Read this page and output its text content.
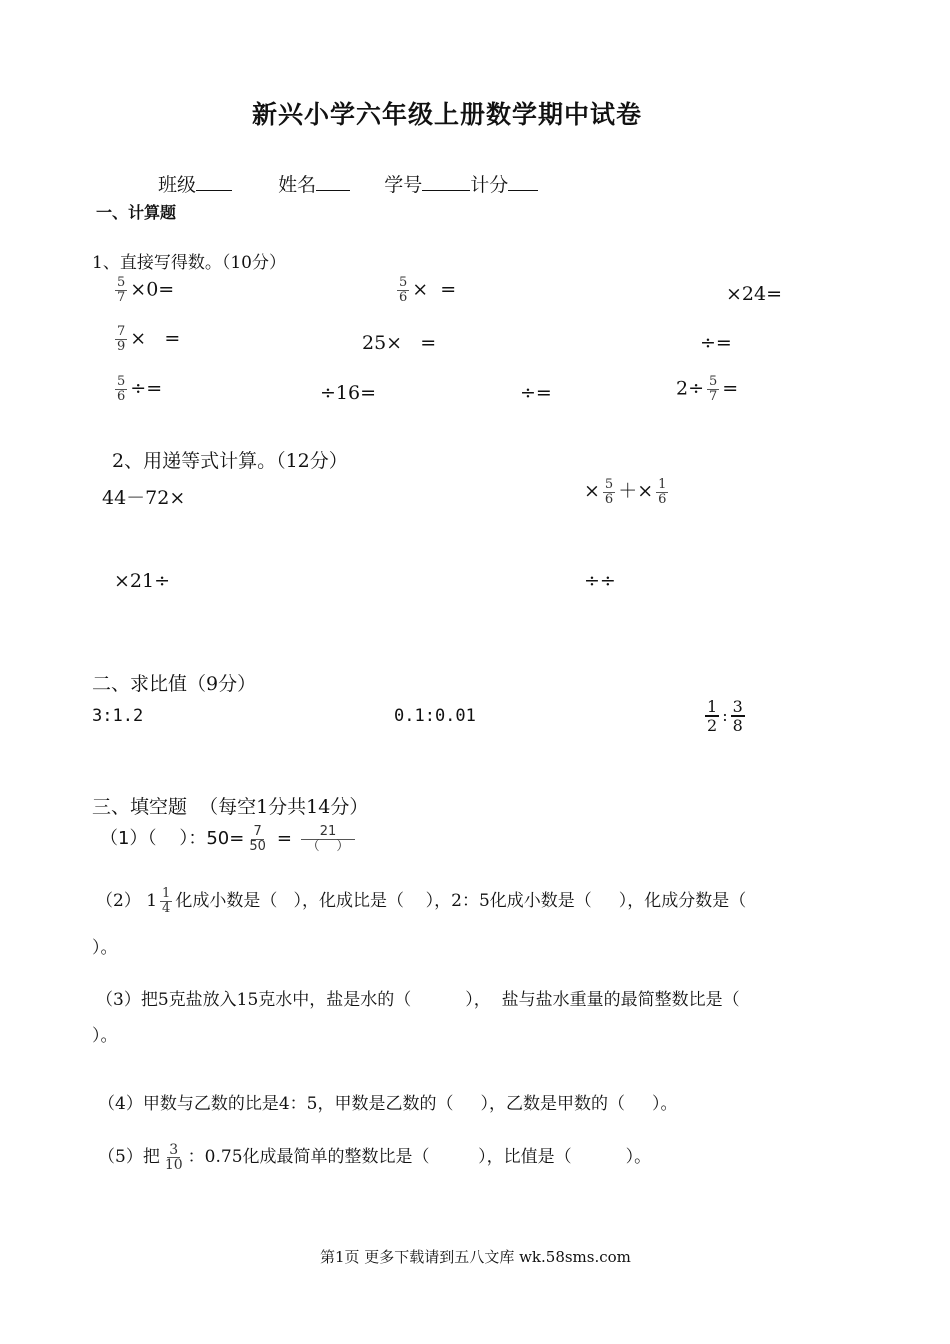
新兴小学六年级上册数学期中试卷
班级	姓名	学号	计分
一、计算题
1、直接写得数。（10分）
$\frac{5}{7} \times 0=$	$\frac{5}{6}$ ×  =	×24=
$\frac{7}{9}$ ×   =	25×   =	÷=
$\frac{5}{6}$ ÷=	÷16=	÷=	$2\div \frac{5}{7}$ =
2、用递等式计算。（12分）
44－72×	× $\frac{5}{6} +\times \frac{1}{6}$
×21÷	÷÷
二、求比值（9分）
3:1.2	0.1:0.01	$\frac{1}{2}$ : $\frac{3}{8}$
三、填空题  （每空1分共14分）
（1）（    ）：$50= \frac{7}{50} = \frac{21}{( )}$
（2） $1 \frac{1}{4}$ 化成小数是（   ），化成比是（    ），2：5化成小数是（     ），化成分数是（
）。
（3）把5克盐放入15克水中，盐是水的（          ），  盐与盐水重量的最简整数比是（
）。
（4）甲数与乙数的比是4：5，甲数是乙数的（     ），乙数是甲数的（     ）。
（5）把 $\frac{3}{10}$ ：0.75化成最简单的整数比是（         ），比值是（          ）。
第1页 更多下载请到五八文库 wk.58sms.com
